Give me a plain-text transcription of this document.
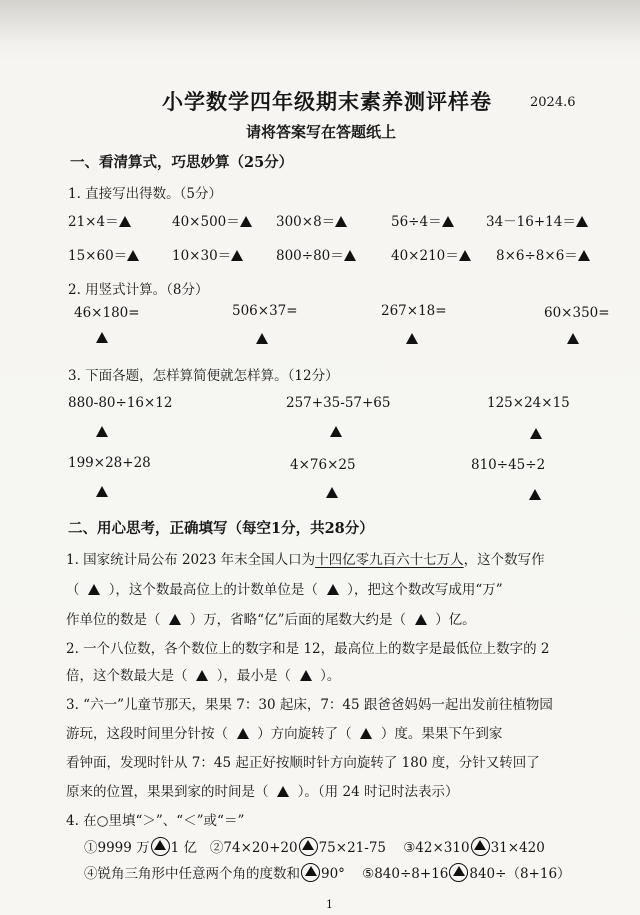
小学数学四年级期末素养测评样卷	2024.6
请将答案写在答题纸上
一、看清算式，巧思妙算（25分）
1. 直接写出得数。（5分）
21×4＝	40×500＝	300×8＝	56÷4＝	34－16+14＝
15×60＝	10×30＝	800÷80＝	40×210＝	8×6÷8×6＝
2. 用竖式计算。（8分）
46×180=	506×37=	267×18=	60×350=
3. 下面各题，怎样算简便就怎样算。（12分）
880-80÷16×12	257+35-57+65	125×24×15
199×28+28	4×76×25	810÷45÷2
二、用心思考，正确填写（每空1分，共28分）
1. 国家统计局公布 2023 年末全国人口为十四亿零九百六十七万人，这个数写作
（ ），这个数最高位上的计数单位是（ ），把这个数改写成用“万”
作单位的数是（ ）万，省略“亿”后面的尾数大约是（ ）亿。
2. 一个八位数，各个数位上的数字和是 12，最高位上的数字是最低位上数字的 2
倍，这个数最大是（ ），最小是（ ）。
3. “六一”儿童节那天，果果 7：30 起床，7：45 跟爸爸妈妈一起出发前往植物园
游玩，这段时间里分针按（ ）方向旋转了（ ）度。果果下午到家
看钟面，发现时针从 7：45 起正好按顺时针方向旋转了 180 度，分针又转回了
原来的位置，果果到家的时间是（ ）。（用 24 时记时法表示）
4. 在○里填“＞”、“＜”或“＝”
①9999 万 1 亿 ②74×20+20 75×21-75 ③42×310 31×420
④锐角三角形中任意两个角的度数和 90° ⑤840÷8+16 840÷（8+16）
1
